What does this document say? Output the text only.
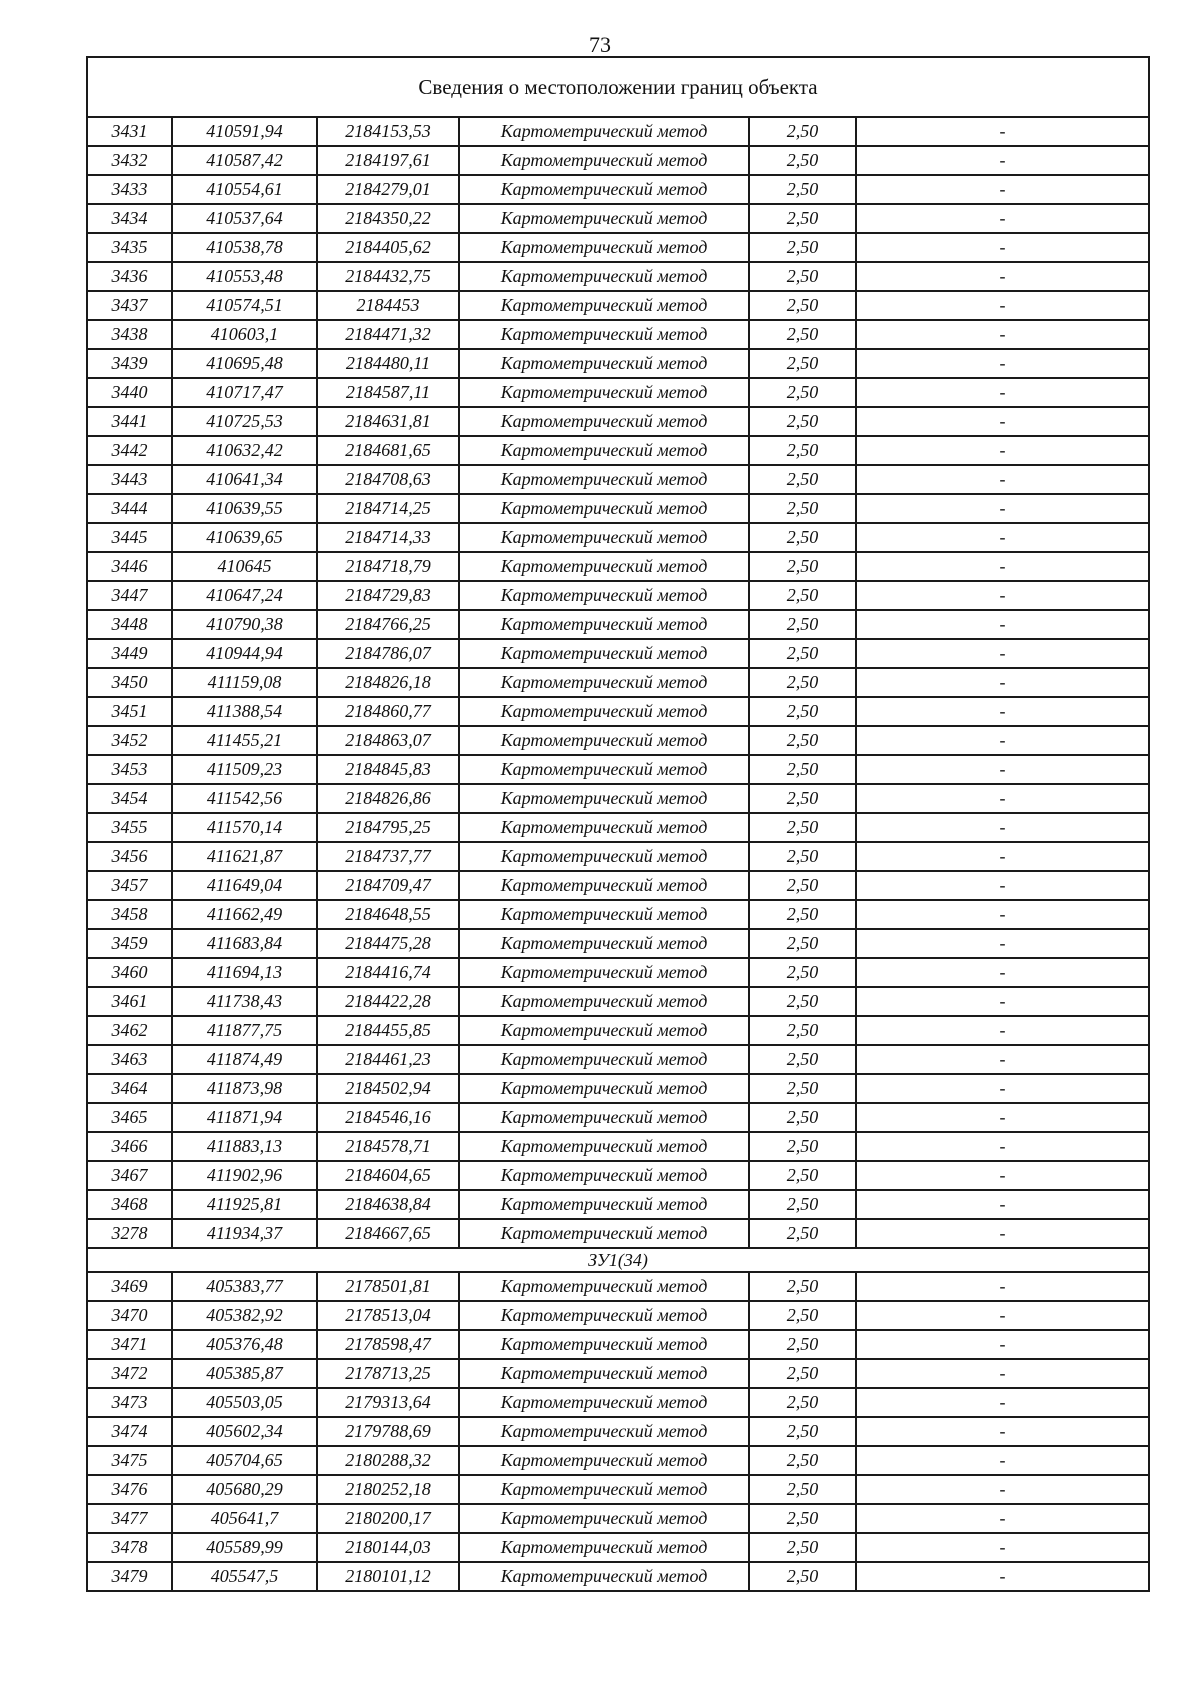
73
Сведения о местоположении границ объекта					
3431	410591,94	2184153,53	Картометрический метод	2,50	-
3432	410587,42	2184197,61	Картометрический метод	2,50	-
3433	410554,61	2184279,01	Картометрический метод	2,50	-
3434	410537,64	2184350,22	Картометрический метод	2,50	-
3435	410538,78	2184405,62	Картометрический метод	2,50	-
3436	410553,48	2184432,75	Картометрический метод	2,50	-
3437	410574,51	2184453	Картометрический метод	2,50	-
3438	410603,1	2184471,32	Картометрический метод	2,50	-
3439	410695,48	2184480,11	Картометрический метод	2,50	-
3440	410717,47	2184587,11	Картометрический метод	2,50	-
3441	410725,53	2184631,81	Картометрический метод	2,50	-
3442	410632,42	2184681,65	Картометрический метод	2,50	-
3443	410641,34	2184708,63	Картометрический метод	2,50	-
3444	410639,55	2184714,25	Картометрический метод	2,50	-
3445	410639,65	2184714,33	Картометрический метод	2,50	-
3446	410645	2184718,79	Картометрический метод	2,50	-
3447	410647,24	2184729,83	Картометрический метод	2,50	-
3448	410790,38	2184766,25	Картометрический метод	2,50	-
3449	410944,94	2184786,07	Картометрический метод	2,50	-
3450	411159,08	2184826,18	Картометрический метод	2,50	-
3451	411388,54	2184860,77	Картометрический метод	2,50	-
3452	411455,21	2184863,07	Картометрический метод	2,50	-
3453	411509,23	2184845,83	Картометрический метод	2,50	-
3454	411542,56	2184826,86	Картометрический метод	2,50	-
3455	411570,14	2184795,25	Картометрический метод	2,50	-
3456	411621,87	2184737,77	Картометрический метод	2,50	-
3457	411649,04	2184709,47	Картометрический метод	2,50	-
3458	411662,49	2184648,55	Картометрический метод	2,50	-
3459	411683,84	2184475,28	Картометрический метод	2,50	-
3460	411694,13	2184416,74	Картометрический метод	2,50	-
3461	411738,43	2184422,28	Картометрический метод	2,50	-
3462	411877,75	2184455,85	Картометрический метод	2,50	-
3463	411874,49	2184461,23	Картометрический метод	2,50	-
3464	411873,98	2184502,94	Картометрический метод	2,50	-
3465	411871,94	2184546,16	Картометрический метод	2,50	-
3466	411883,13	2184578,71	Картометрический метод	2,50	-
3467	411902,96	2184604,65	Картометрический метод	2,50	-
3468	411925,81	2184638,84	Картометрический метод	2,50	-
3278	411934,37	2184667,65	Картометрический метод	2,50	-
ЗУ1(34)					
3469	405383,77	2178501,81	Картометрический метод	2,50	-
3470	405382,92	2178513,04	Картометрический метод	2,50	-
3471	405376,48	2178598,47	Картометрический метод	2,50	-
3472	405385,87	2178713,25	Картометрический метод	2,50	-
3473	405503,05	2179313,64	Картометрический метод	2,50	-
3474	405602,34	2179788,69	Картометрический метод	2,50	-
3475	405704,65	2180288,32	Картометрический метод	2,50	-
3476	405680,29	2180252,18	Картометрический метод	2,50	-
3477	405641,7	2180200,17	Картометрический метод	2,50	-
3478	405589,99	2180144,03	Картометрический метод	2,50	-
3479	405547,5	2180101,12	Картометрический метод	2,50	-
